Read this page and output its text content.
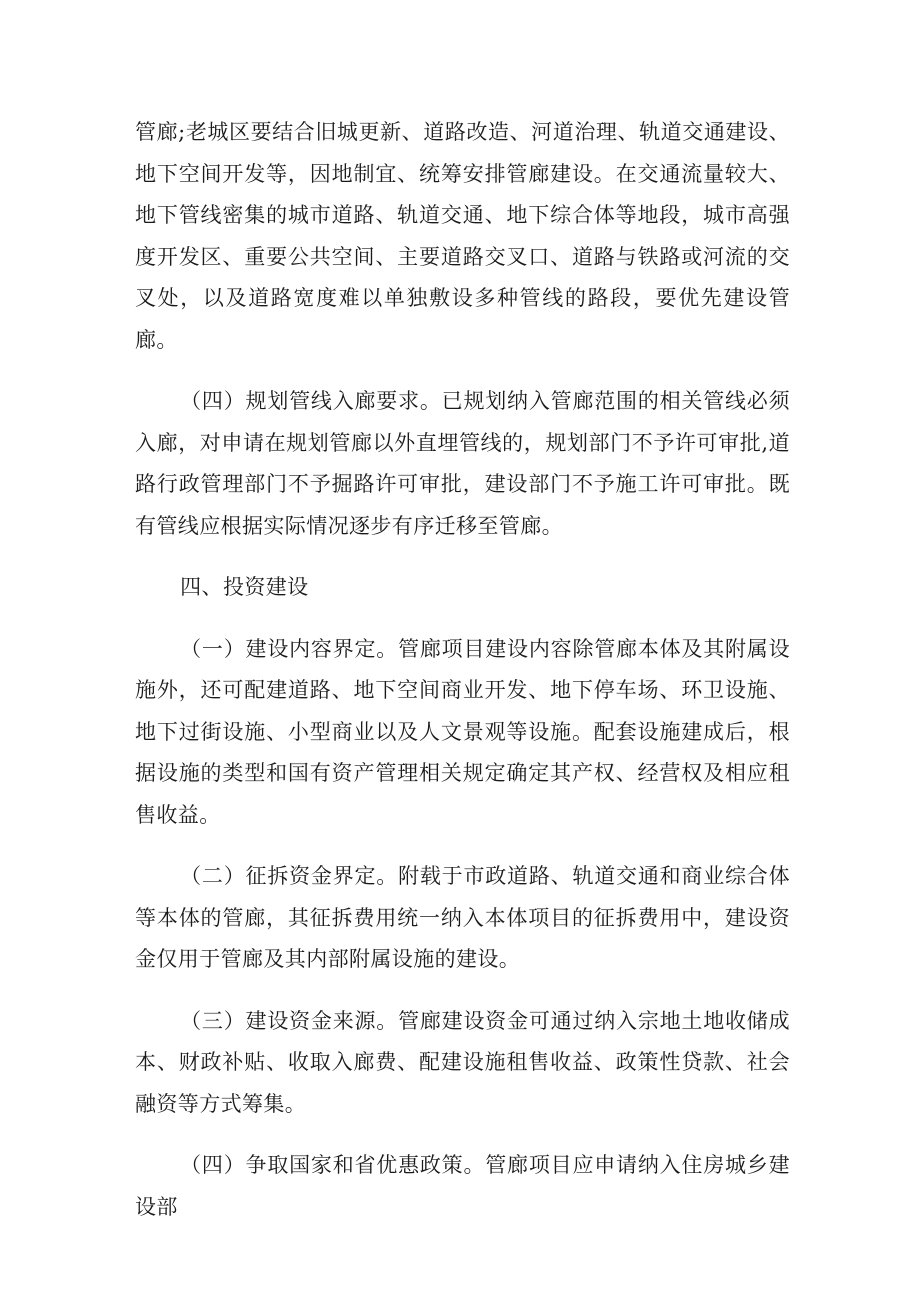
管廊;老城区要结合旧城更新、道路改造、河道治理、轨道交通建设、地下空间开发等，因地制宜、统筹安排管廊建设。在交通流量较大、地下管线密集的城市道路、轨道交通、地下综合体等地段，城市高强度开发区、重要公共空间、主要道路交叉口、道路与铁路或河流的交叉处，以及道路宽度难以单独敷设多种管线的路段，要优先建设管廊。

（四）规划管线入廊要求。已规划纳入管廊范围的相关管线必须入廊，对申请在规划管廊以外直埋管线的，规划部门不予许可审批,道路行政管理部门不予掘路许可审批，建设部门不予施工许可审批。既有管线应根据实际情况逐步有序迁移至管廊。

四、投资建设

（一）建设内容界定。管廊项目建设内容除管廊本体及其附属设施外，还可配建道路、地下空间商业开发、地下停车场、环卫设施、地下过街设施、小型商业以及人文景观等设施。配套设施建成后，根据设施的类型和国有资产管理相关规定确定其产权、经营权及相应租售收益。

（二）征拆资金界定。附载于市政道路、轨道交通和商业综合体等本体的管廊，其征拆费用统一纳入本体项目的征拆费用中，建设资金仅用于管廊及其内部附属设施的建设。

（三）建设资金来源。管廊建设资金可通过纳入宗地土地收储成本、财政补贴、收取入廊费、配建设施租售收益、政策性贷款、社会融资等方式筹集。

（四）争取国家和省优惠政策。管廊项目应申请纳入住房城乡建设部
